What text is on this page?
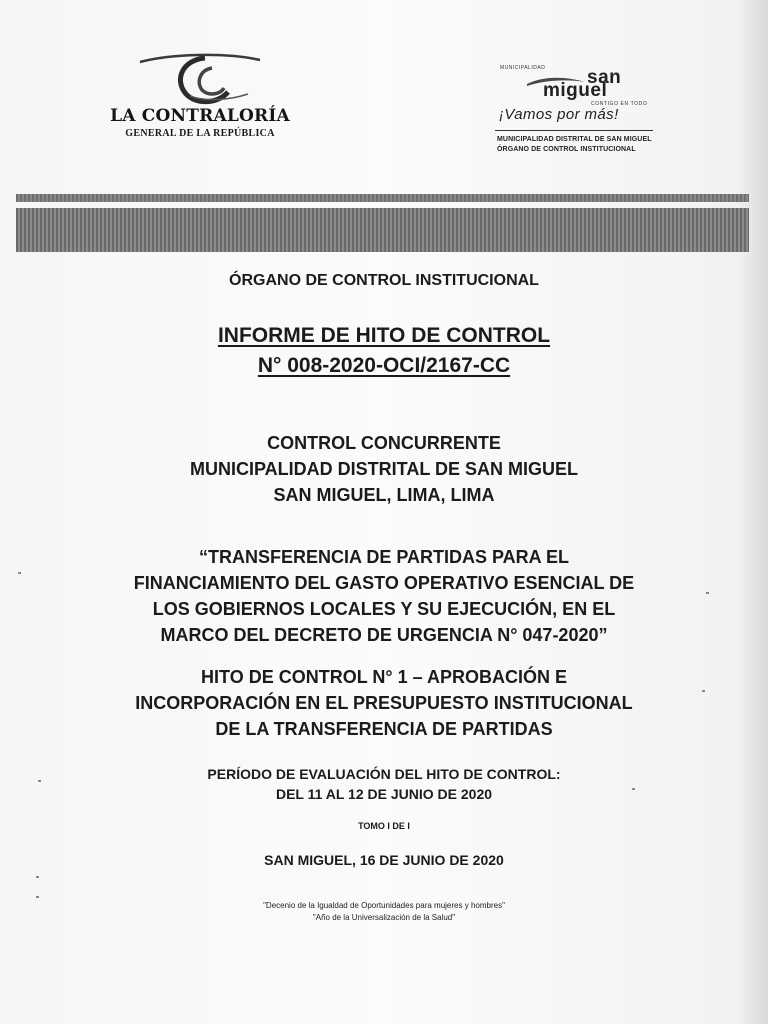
LA CONTRALORÍA
GENERAL DE LA REPÚBLICA
MUNICIPALIDAD san
miguel
CONTIGO EN TODO
¡Vamos por más!
MUNICIPALIDAD DISTRITAL DE SAN MIGUEL
ÓRGANO DE CONTROL INSTITUCIONAL
ÓRGANO DE CONTROL INSTITUCIONAL
INFORME DE HITO DE CONTROL
N° 008-2020-OCI/2167-CC
CONTROL CONCURRENTE
MUNICIPALIDAD DISTRITAL DE SAN MIGUEL
SAN MIGUEL, LIMA, LIMA
“TRANSFERENCIA DE PARTIDAS PARA EL
FINANCIAMIENTO DEL GASTO OPERATIVO ESENCIAL DE
LOS GOBIERNOS LOCALES Y SU EJECUCIÓN, EN EL
MARCO DEL DECRETO DE URGENCIA N° 047-2020”
HITO DE CONTROL N° 1 – APROBACIÓN E
INCORPORACIÓN EN EL PRESUPUESTO INSTITUCIONAL
DE LA TRANSFERENCIA DE PARTIDAS
PERÍODO DE EVALUACIÓN DEL HITO DE CONTROL:
DEL 11 AL 12 DE JUNIO DE 2020
TOMO I DE I
SAN MIGUEL, 16 DE JUNIO DE 2020
"Decenio de la Igualdad de Oportunidades para mujeres y hombres"
"Año de la Universalización de la Salud"
